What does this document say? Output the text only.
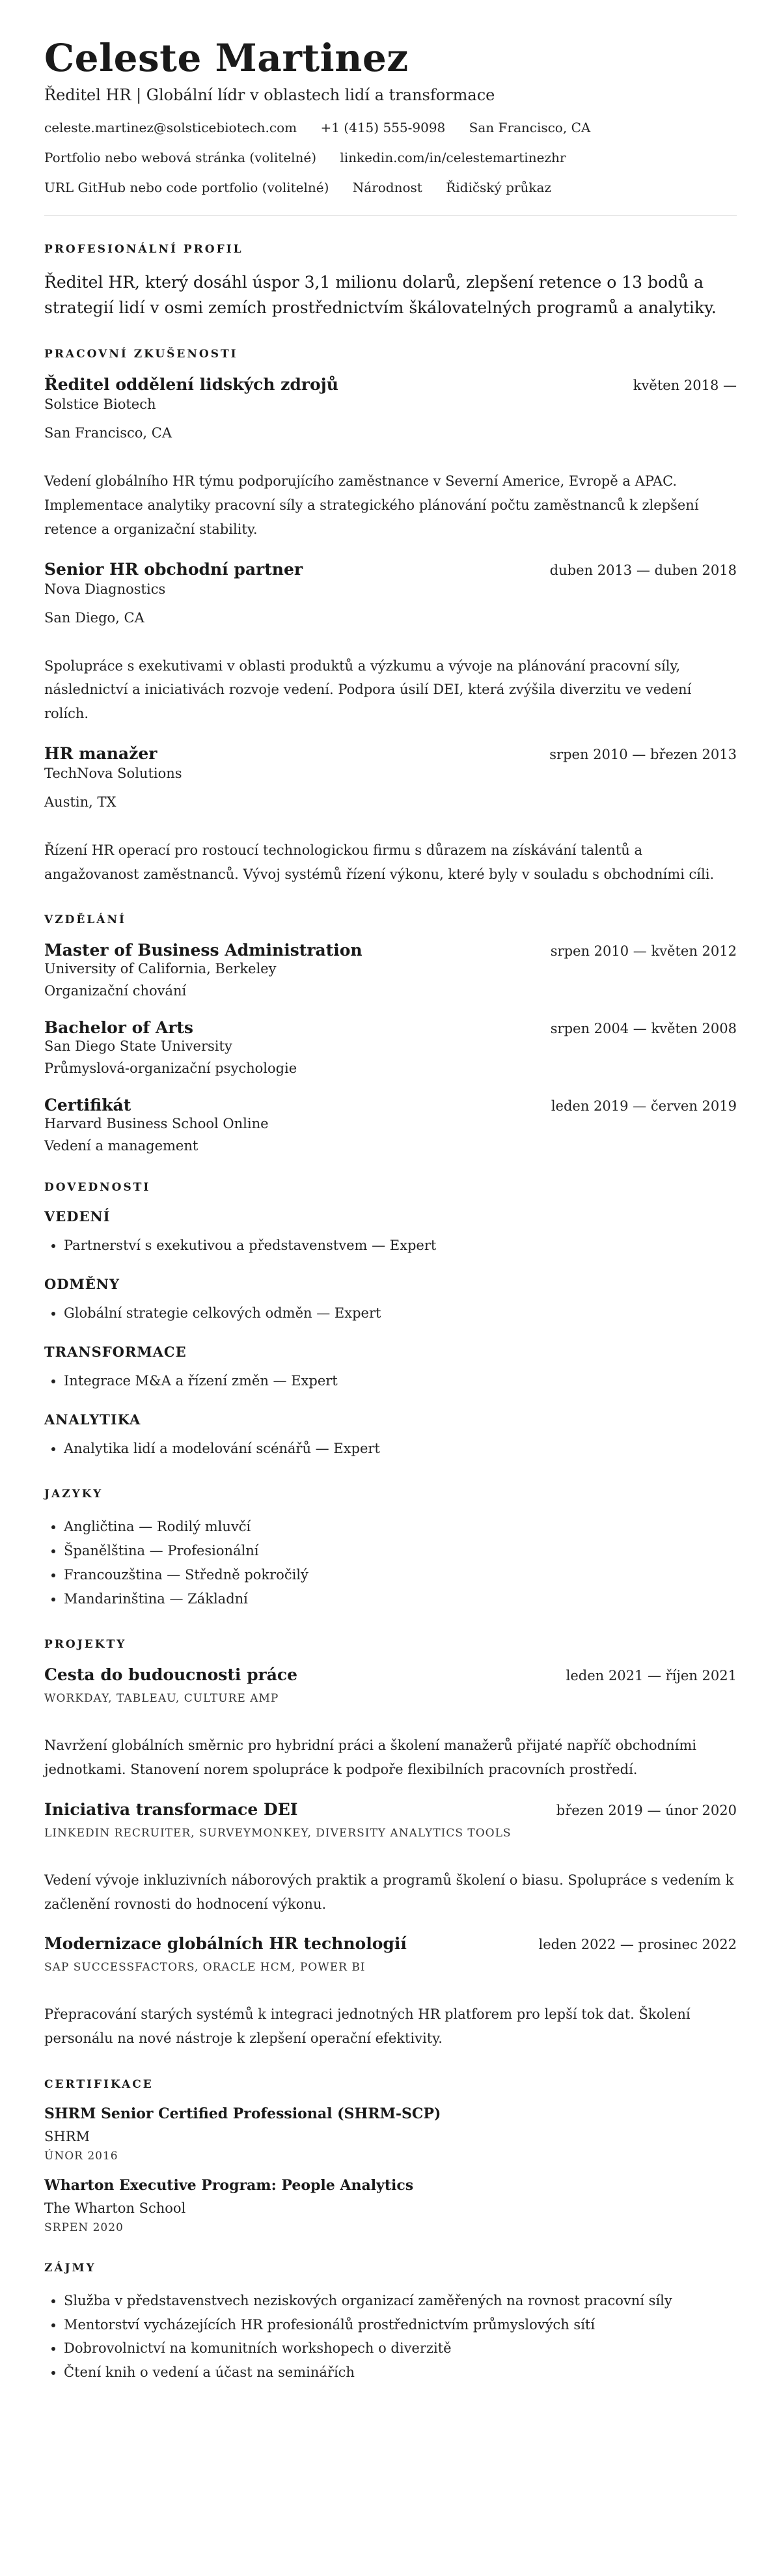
Celeste Martinez
Ředitel HR | Globální lídr v oblastech lidí a transformace
celeste.martinez@solsticebiotech.com +1 (415) 555-9098 San Francisco, CA
Portfolio nebo webová stránka (volitelné) linkedin.com/in/celestemartinezhr
URL GitHub nebo code portfolio (volitelné) Národnost Řidičský průkaz
PROFESIONÁLNÍ PROFIL

Ředitel HR, který dosáhl úspor 3,1 milionu dolarů, zlepšení retence o 13 bodů a strategií lidí v osmi zemích prostřednictvím škálovatelných programů a analytiky.

PRACOVNÍ ZKUŠENOSTI
Ředitel oddělení lidských zdrojů	květen 2018 —
Solstice Biotech
San Francisco, CA

Vedení globálního HR týmu podporujícího zaměstnance v Severní Americe, Evropě a APAC. Implementace analytiky pracovní síly a strategického plánování počtu zaměstnanců k zlepšení retence a organizační stability.

Senior HR obchodní partner	duben 2013 — duben 2018
Nova Diagnostics
San Diego, CA

Spolupráce s exekutivami v oblasti produktů a výzkumu a vývoje na plánování pracovní síly, následnictví a iniciativách rozvoje vedení. Podpora úsilí DEI, která zvýšila diverzitu ve vedení rolích.

HR manažer	srpen 2010 — březen 2013
TechNova Solutions
Austin, TX

Řízení HR operací pro rostoucí technologickou firmu s důrazem na získávání talentů a angažovanost zaměstnanců. Vývoj systémů řízení výkonu, které byly v souladu s obchodními cíli.

VZDĚLÁNÍ
Master of Business Administration	srpen 2010 — květen 2012
University of California, Berkeley
Organizační chování
Bachelor of Arts	srpen 2004 — květen 2008
San Diego State University
Průmyslová-organizační psychologie
Certifikát	leden 2019 — červen 2019
Harvard Business School Online
Vedení a management
DOVEDNOSTI
VEDENÍ
• Partnerství s exekutivou a představenstvem — Expert
ODMĚNY
• Globální strategie celkových odměn — Expert
TRANSFORMACE
• Integrace M&A a řízení změn — Expert
ANALYTIKA
• Analytika lidí a modelování scénářů — Expert
JAZYKY
• Angličtina — Rodilý mluvčí
• Španělština — Profesionální
• Francouzština — Středně pokročilý
• Mandarinština — Základní
PROJEKTY
Cesta do budoucnosti práce	leden 2021 — říjen 2021
WORKDAY, TABLEAU, CULTURE AMP

Navržení globálních směrnic pro hybridní práci a školení manažerů přijaté napříč obchodními jednotkami. Stanovení norem spolupráce k podpoře flexibilních pracovních prostředí.

Iniciativa transformace DEI	březen 2019 — únor 2020
LINKEDIN RECRUITER, SURVEYMONKEY, DIVERSITY ANALYTICS TOOLS

Vedení vývoje inkluzivních náborových praktik a programů školení o biasu. Spolupráce s vedením k začlenění rovnosti do hodnocení výkonu.

Modernizace globálních HR technologií	leden 2022 — prosinec 2022
SAP SUCCESSFACTORS, ORACLE HCM, POWER BI

Přepracování starých systémů k integraci jednotných HR platforem pro lepší tok dat. Školení personálu na nové nástroje k zlepšení operační efektivity.

CERTIFIKACE
SHRM Senior Certified Professional (SHRM-SCP)
SHRM
ÚNOR 2016
Wharton Executive Program: People Analytics
The Wharton School
SRPEN 2020
ZÁJMY
• Služba v představenstvech neziskových organizací zaměřených na rovnost pracovní síly
• Mentorství vycházejících HR profesionálů prostřednictvím průmyslových sítí
• Dobrovolnictví na komunitních workshopech o diverzitě
• Čtení knih o vedení a účast na seminářích
